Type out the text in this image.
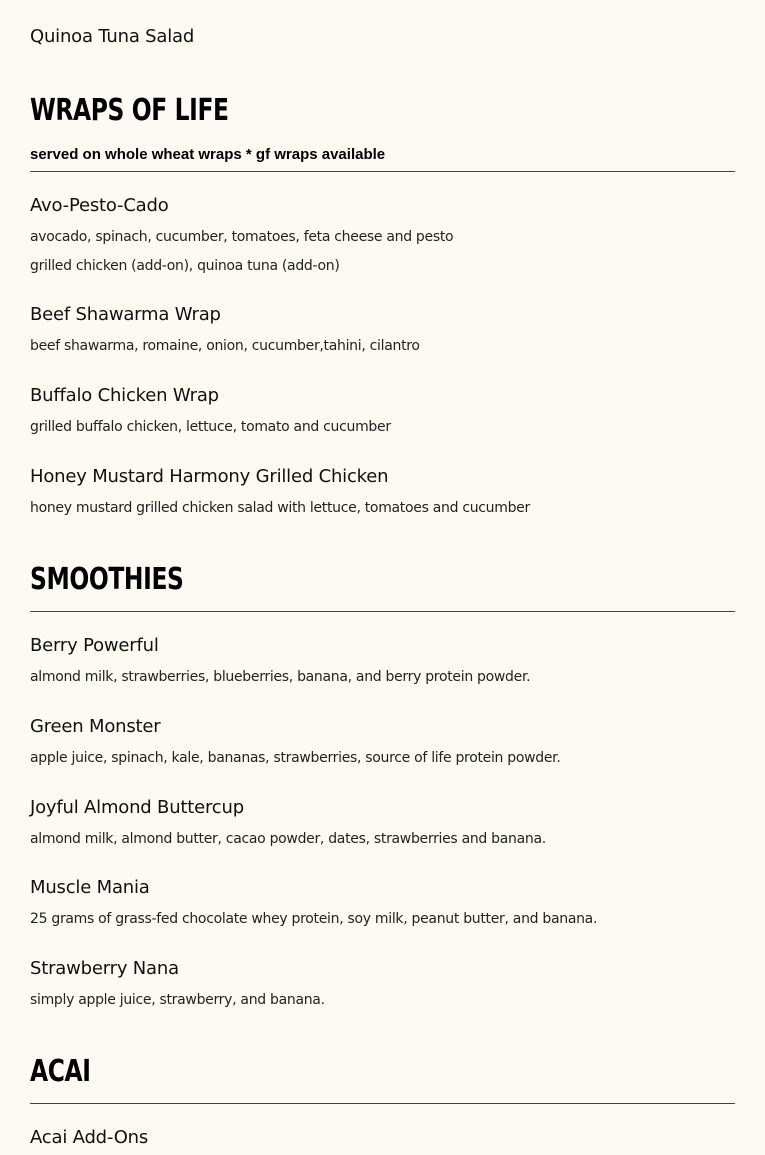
Quinoa Tuna Salad
WRAPS OF LIFE
served on whole wheat wraps * gf wraps available
Avo-Pesto-Cado
avocado, spinach, cucumber, tomatoes, feta cheese and pesto
grilled chicken (add-on), quinoa tuna (add-on)
Beef Shawarma Wrap
beef shawarma, romaine, onion, cucumber,tahini, cilantro
Buffalo Chicken Wrap
grilled buffalo chicken, lettuce, tomato and cucumber
Honey Mustard Harmony Grilled Chicken
honey mustard grilled chicken salad with lettuce, tomatoes and cucumber
SMOOTHIES
Berry Powerful
almond milk, strawberries, blueberries, banana, and berry protein powder.
Green Monster
apple juice, spinach, kale, bananas, strawberries, source of life protein powder.
Joyful Almond Buttercup
almond milk, almond butter, cacao powder, dates, strawberries and banana.
Muscle Mania
25 grams of grass-fed chocolate whey protein, soy milk, peanut butter, and banana.
Strawberry Nana
simply apple juice, strawberry, and banana.
ACAI
Acai Add-Ons
